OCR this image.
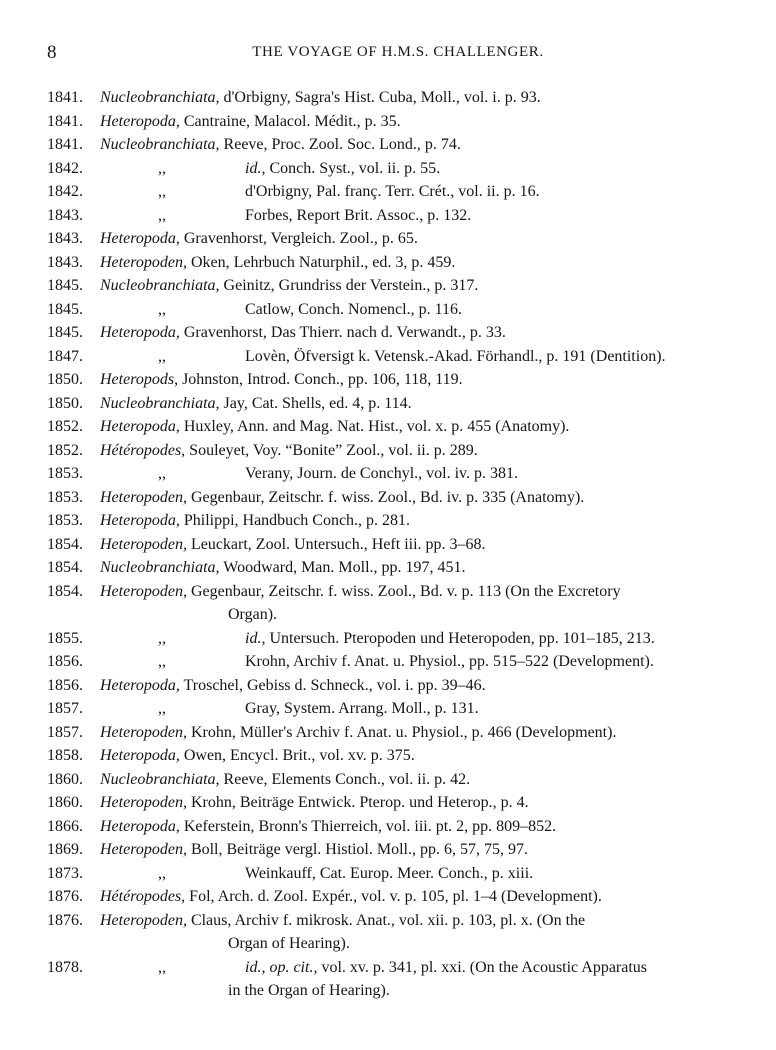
8	THE VOYAGE OF H.M.S. CHALLENGER.
1841. Nucleobranchiata, d'Orbigny, Sagra's Hist. Cuba, Moll., vol. i. p. 93.
1841. Heteropoda, Cantraine, Malacol. Médit., p. 35.
1841. Nucleobranchiata, Reeve, Proc. Zool. Soc. Lond., p. 74.
1842.	,,	id., Conch. Syst., vol. ii. p. 55.
1842.	,,	d'Orbigny, Pal. franç. Terr. Crét., vol. ii. p. 16.
1843.	,,	Forbes, Report Brit. Assoc., p. 132.
1843. Heteropoda, Gravenhorst, Vergleich. Zool., p. 65.
1843. Heteropoden, Oken, Lehrbuch Naturphil., ed. 3, p. 459.
1845. Nucleobranchiata, Geinitz, Grundriss der Verstein., p. 317.
1845.	,,	Catlow, Conch. Nomencl., p. 116.
1845. Heteropoda, Gravenhorst, Das Thierr. nach d. Verwandt., p. 33.
1847.	,,	Lovèn, Öfversigt k. Vetensk.-Akad. Förhandl., p. 191 (Dentition).
1850. Heteropods, Johnston, Introd. Conch., pp. 106, 118, 119.
1850. Nucleobranchiata, Jay, Cat. Shells, ed. 4, p. 114.
1852. Heteropoda, Huxley, Ann. and Mag. Nat. Hist., vol. x. p. 455 (Anatomy).
1852. Hétéropodes, Souleyet, Voy. “Bonite” Zool., vol. ii. p. 289.
1853.	,,	Verany, Journ. de Conchyl., vol. iv. p. 381.
1853. Heteropoden, Gegenbaur, Zeitschr. f. wiss. Zool., Bd. iv. p. 335 (Anatomy).
1853. Heteropoda, Philippi, Handbuch Conch., p. 281.
1854. Heteropoden, Leuckart, Zool. Untersuch., Heft iii. pp. 3–68.
1854. Nucleobranchiata, Woodward, Man. Moll., pp. 197, 451.
1854. Heteropoden, Gegenbaur, Zeitschr. f. wiss. Zool., Bd. v. p. 113 (On the Excretory
Organ).
1855.	,,	id., Untersuch. Pteropoden und Heteropoden, pp. 101–185, 213.
1856.	,,	Krohn, Archiv f. Anat. u. Physiol., pp. 515–522 (Development).
1856. Heteropoda, Troschel, Gebiss d. Schneck., vol. i. pp. 39–46.
1857.	,,	Gray, System. Arrang. Moll., p. 131.
1857. Heteropoden, Krohn, Müller's Archiv f. Anat. u. Physiol., p. 466 (Development).
1858. Heteropoda, Owen, Encycl. Brit., vol. xv. p. 375.
1860. Nucleobranchiata, Reeve, Elements Conch., vol. ii. p. 42.
1860. Heteropoden, Krohn, Beiträge Entwick. Pterop. und Heterop., p. 4.
1866. Heteropoda, Keferstein, Bronn's Thierreich, vol. iii. pt. 2, pp. 809–852.
1869. Heteropoden, Boll, Beiträge vergl. Histiol. Moll., pp. 6, 57, 75, 97.
1873.	,,	Weinkauff, Cat. Europ. Meer. Conch., p. xiii.
1876. Hétéropodes, Fol, Arch. d. Zool. Expér., vol. v. p. 105, pl. 1–4 (Development).
1876. Heteropoden, Claus, Archiv f. mikrosk. Anat., vol. xii. p. 103, pl. x. (On the
Organ of Hearing).
1878.	,,	id., op. cit., vol. xv. p. 341, pl. xxi. (On the Acoustic Apparatus
in the Organ of Hearing).
